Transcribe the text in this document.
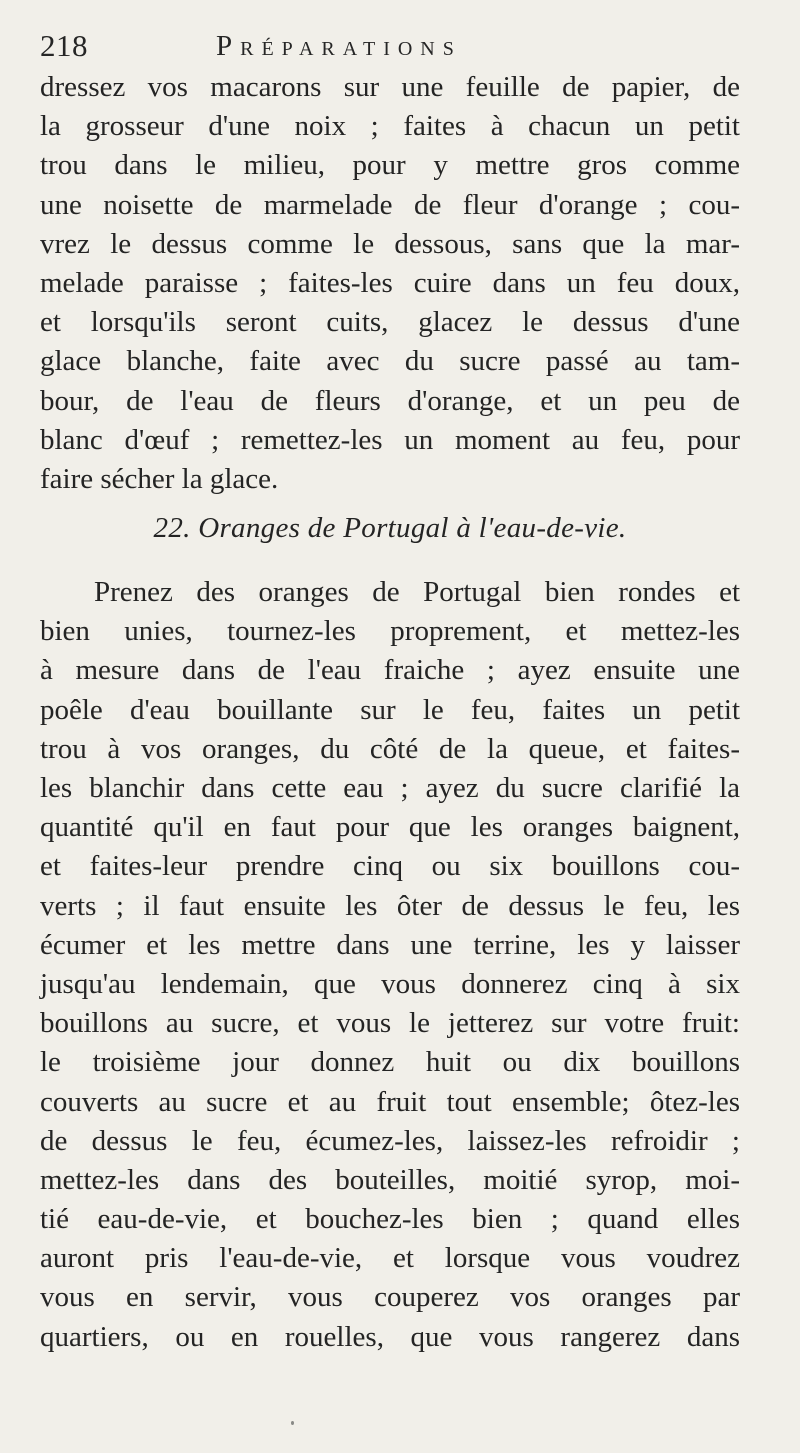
218	Préparations
dressez vos macarons sur une feuille de papier, de
la grosseur d'une noix ; faites à chacun un petit
trou dans le milieu, pour y mettre gros comme
une noisette de marmelade de fleur d'orange ; cou-
vrez le dessus comme le dessous, sans que la mar-
melade paraisse ; faites-les cuire dans un feu doux,
et lorsqu'ils seront cuits, glacez le dessus d'une
glace blanche, faite avec du sucre passé au tam-
bour, de l'eau de fleurs d'orange, et un peu de
blanc d'œuf ; remettez-les un moment au feu, pour
faire sécher la glace.
22. Oranges de Portugal à l'eau-de-vie.
Prenez des oranges de Portugal bien rondes et
bien unies, tournez-les proprement, et mettez-les
à mesure dans de l'eau fraiche ; ayez ensuite une
poêle d'eau bouillante sur le feu, faites un petit
trou à vos oranges, du côté de la queue, et faites-
les blanchir dans cette eau ; ayez du sucre clarifié la
quantité qu'il en faut pour que les oranges baignent,
et faites-leur prendre cinq ou six bouillons cou-
verts ; il faut ensuite les ôter de dessus le feu, les
écumer et les mettre dans une terrine, les y laisser
jusqu'au lendemain, que vous donnerez cinq à six
bouillons au sucre, et vous le jetterez sur votre fruit:
le troisième jour donnez huit ou dix bouillons
couverts au sucre et au fruit tout ensemble; ôtez-les
de dessus le feu, écumez-les, laissez-les refroidir ;
mettez-les dans des bouteilles, moitié syrop, moi-
tié eau-de-vie, et bouchez-les bien ; quand elles
auront pris l'eau-de-vie, et lorsque vous voudrez
vous en servir, vous couperez vos oranges par
quartiers, ou en rouelles, que vous rangerez dans
